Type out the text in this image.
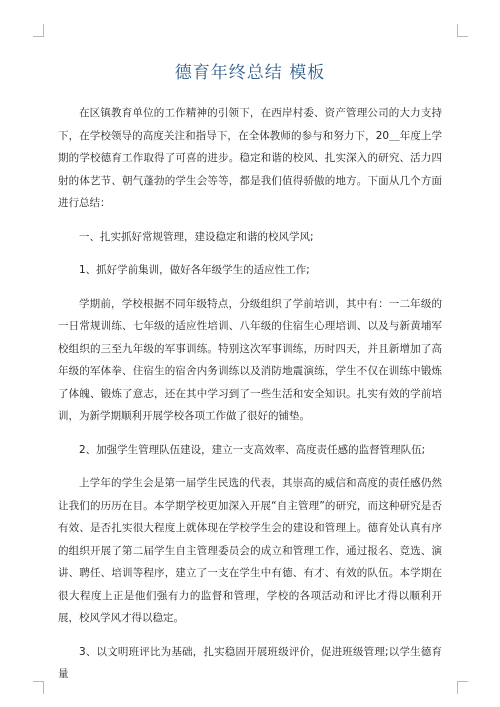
德育年终总结 模板

在区镇教育单位的工作精神的引领下，在西岸村委、资产管理公司的大力支持下，在学校领导的高度关注和指导下，在全体教师的参与和努力下，20＿年度上学期的学校德育工作取得了可喜的进步。稳定和谐的校风、扎实深入的研究、活力四射的体艺节、朝气蓬勃的学生会等等，都是我们值得骄傲的地方。下面从几个方面进行总结：

一、扎实抓好常规管理，建设稳定和谐的校风学风;

1、抓好学前集训，做好各年级学生的适应性工作;

学期前，学校根据不同年级特点，分级组织了学前培训，其中有：一二年级的一日常规训练、七年级的适应性培训、八年级的住宿生心理培训、以及与新黄埔军校组织的三至九年级的军事训练。特别这次军事训练，历时四天，并且新增加了高年级的军体拳、住宿生的宿舍内务训练以及消防地震演练，学生不仅在训练中锻炼了体魄、锻炼了意志，还在其中学习到了一些生活和安全知识。扎实有效的学前培训，为新学期顺利开展学校各项工作做了很好的铺垫。

2、加强学生管理队伍建设，建立一支高效率、高度责任感的监督管理队伍;

上学年的学生会是第一届学生民选的代表，其崇高的威信和高度的责任感仍然让我们的历历在目。本学期学校更加深入开展“自主管理”的研究，而这种研究是否有效、是否扎实很大程度上就体现在学校学生会的建设和管理上。德育处认真有序的组织开展了第二届学生自主管理委员会的成立和管理工作，通过报名、竞选、演讲、聘任、培训等程序，建立了一支在学生中有德、有才、有效的队伍。本学期在很大程度上正是他们强有力的监督和管理，学校的各项活动和评比才得以顺利开展，校风学风才得以稳定。

3、以文明班评比为基础，扎实稳固开展班级评价，促进班级管理;以学生德育量
